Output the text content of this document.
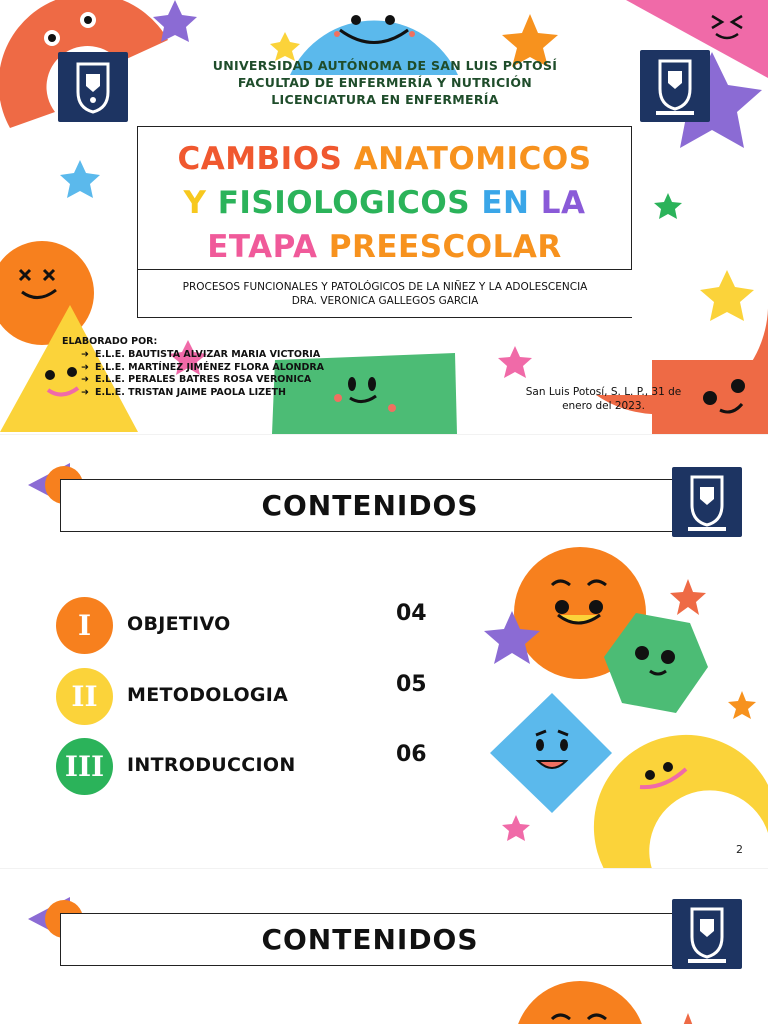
UNIVERSIDAD AUTÓNOMA DE SAN LUIS POTOSÍ
FACULTAD DE ENFERMERÍA Y NUTRICIÓN
LICENCIATURA EN ENFERMERÍA
CAMBIOS ANATOMICOS
Y FISIOLOGICOS EN LA
ETAPA PREESCOLAR
PROCESOS FUNCIONALES Y PATOLÓGICOS DE LA NIÑEZ Y LA ADOLESCENCIA
DRA. VERONICA GALLEGOS GARCIA
ELABORADO POR:
➜ E.L.E. BAUTISTA ALVIZAR MARIA VICTORIA
➜ E.L.E. MARTÍNEZ JIMÉNEZ FLORA ALONDRA
➜ E.L.E. PERALES BATRES ROSA VERONICA
➜ E.L.E. TRISTAN JAIME PAOLA LIZETH	San Luis Potosí, S. L. P., 31 de enero del 2023.
CONTENIDOS
I	OBJETIVO	04
II	METODOLOGIA	05
III	INTRODUCCION	06
2
CONTENIDOS
